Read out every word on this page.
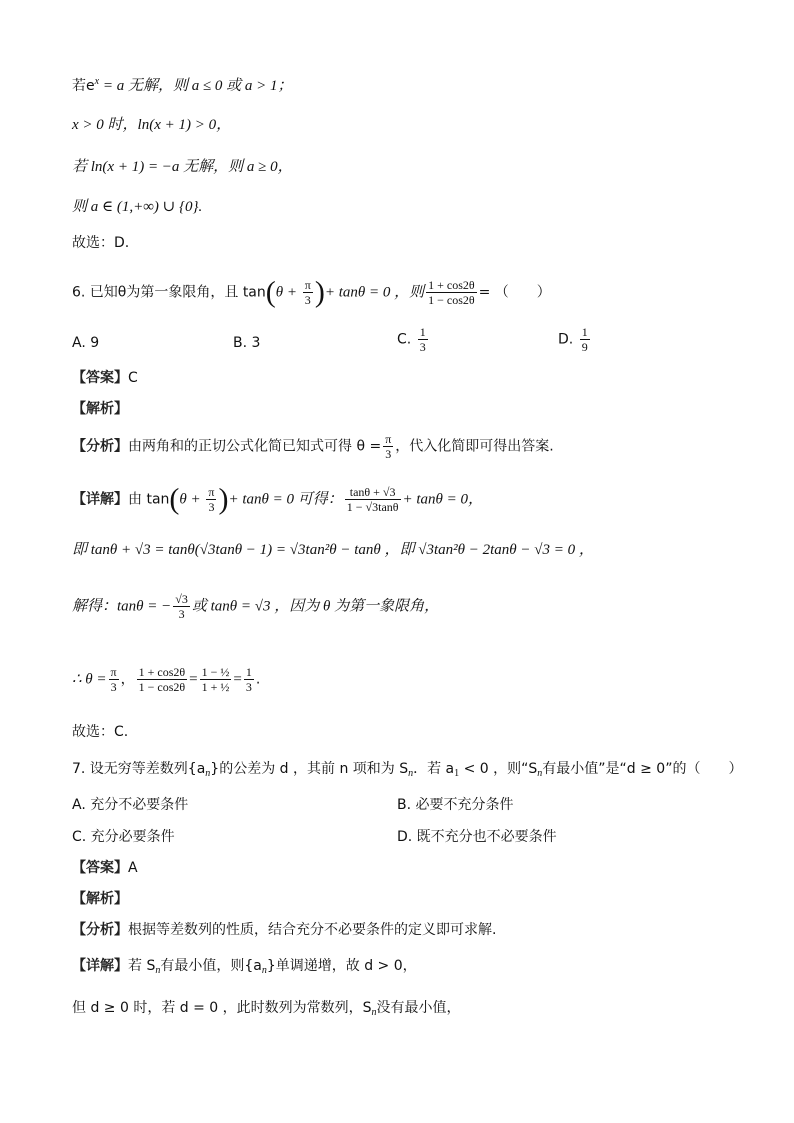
若$e^x = a$ 无解，则 a ≤ 0 或 a > 1；
x > 0 时，ln(x + 1) > 0，
若 ln(x + 1) = −a 无解，则 a ≥ 0，
则 a ∈ (1,+∞) ∪ {0}.
故选：D.
6. 已知θ为第一象限角，且 $\tan(\theta + \frac{\pi}{3}$ )+ tanθ = 0 ，则 $\frac{1 + \cos 2\theta}{1 - \cos 2\theta}$ = （　　）
A. 9	B. 3	C. $\frac{1}{3}$	D. $\frac{1}{9}$
【答案】C
【解析】
【分析】由两角和的正切公式化简已知式可得 $\theta = \frac{\pi}{3}$ ，代入化简即可得出答案.
【详解】由 $\tan(\theta + \frac{\pi}{3}$ )+ tanθ = 0 可得： $\frac{\tan\theta + √3}{1 - √3\tan\theta} + \tan\theta = 0$，
即 tanθ + √3 = tanθ(√3tanθ − 1) = √3tan²θ − tanθ ，即 √3tan²θ − 2tanθ − √3 = 0 ，
解得：tanθ = − $\frac{√3}{3}$ 或 tanθ = √3 ，因为 θ 为第一象限角，
∴ $\theta = \frac{\pi}{3}$ ， $\frac{1 + \cos 2\theta}{1 - \cos 2\theta} = \frac{\text{1 − ½}}{\text{1 + ½}} = \frac{1}{3}$ .
故选：C.
7. 设无穷等差数列$\{a_n\}$的公差为 d ，其前 n 项和为 $S_n$．若 $a_1 < 0$ ，则“$S_n$有最小值”是“d ≥ 0”的（　　）
A. 充分不必要条件	B. 必要不充分条件
C. 充分必要条件	D. 既不充分也不必要条件
【答案】A
【解析】
【分析】根据等差数列的性质，结合充分不必要条件的定义即可求解.
【详解】若 $S_n$有最小值，则$\{a_n\}$单调递增，故 d > 0，
但 d ≥ 0 时，若 d = 0 ，此时数列为常数列，$S_n$没有最小值，
